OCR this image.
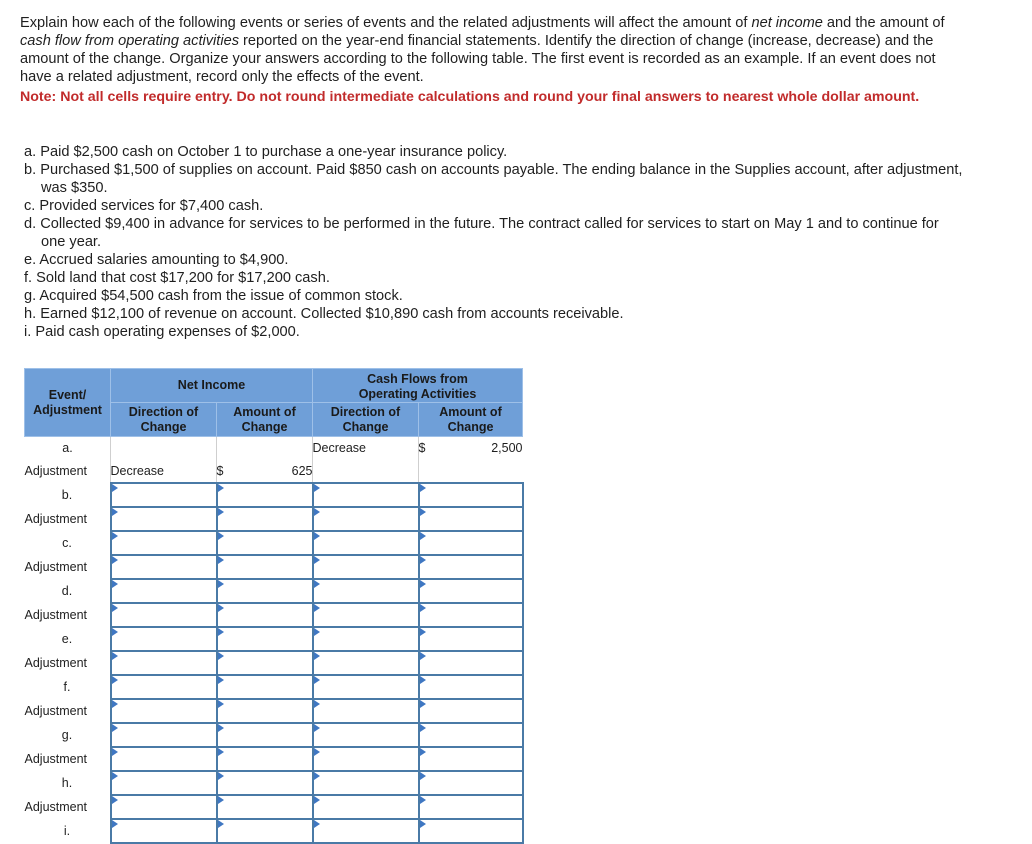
Explain how each of the following events or series of events and the related adjustments will affect the amount of net income and the amount of cash flow from operating activities reported on the year-end financial statements. Identify the direction of change (increase, decrease) and the amount of the change. Organize your answers according to the following table. The first event is recorded as an example. If an event does not have a related adjustment, record only the effects of the event.
Note: Not all cells require entry. Do not round intermediate calculations and round your final answers to nearest whole dollar amount.
a. Paid $2,500 cash on October 1 to purchase a one-year insurance policy.
b. Purchased $1,500 of supplies on account. Paid $850 cash on accounts payable. The ending balance in the Supplies account, after adjustment, was $350.
c. Provided services for $7,400 cash.
d. Collected $9,400 in advance for services to be performed in the future. The contract called for services to start on May 1 and to continue for one year.
e. Accrued salaries amounting to $4,900.
f. Sold land that cost $17,200 for $17,200 cash.
g. Acquired $54,500 cash from the issue of common stock.
h. Earned $12,100 of revenue on account. Collected $10,890 cash from accounts receivable.
i. Paid cash operating expenses of $2,000.
Event/
Adjustment	Net Income		Cash Flows from
Operating Activities	
	Direction of
Change	Amount of
Change	Direction of
Change	Amount of
Change
a.			Decrease	$ 2,500

Adjustment	Decrease	$ 625		

b.				
Adjustment				
c.				
Adjustment				
d.				
Adjustment				
e.				
Adjustment				
f.				
Adjustment				
g.				
Adjustment				
h.				
Adjustment				
i.				
